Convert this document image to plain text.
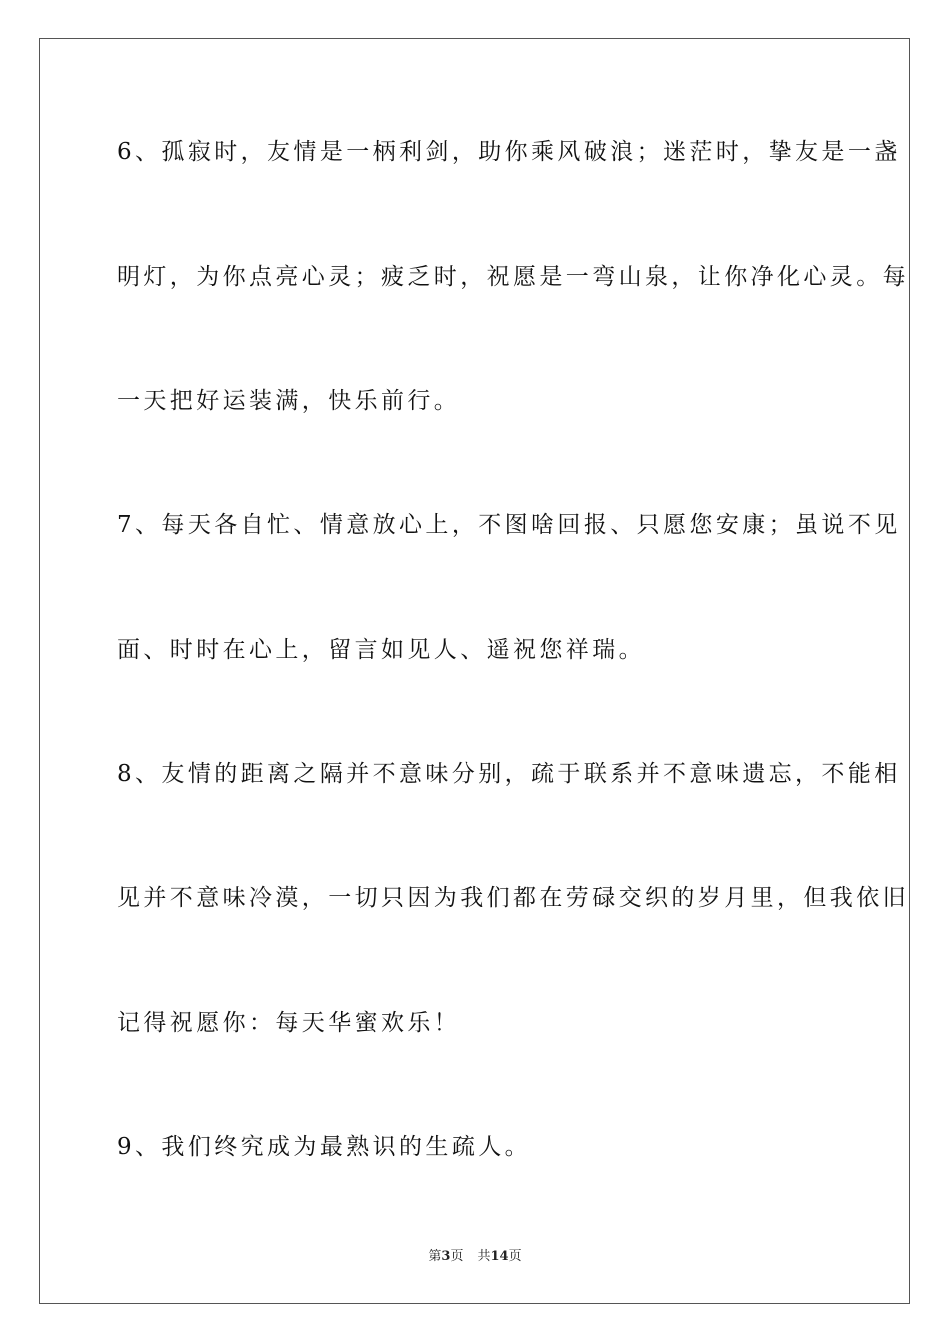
6、孤寂时，友情是一柄利剑，助你乘风破浪；迷茫时，挚友是一盏
明灯，为你点亮心灵；疲乏时，祝愿是一弯山泉，让你净化心灵。每
一天把好运装满，快乐前行。
7、每天各自忙、情意放心上，不图啥回报、只愿您安康；虽说不见
面、时时在心上，留言如见人、遥祝您祥瑞。
8、友情的距离之隔并不意味分别，疏于联系并不意味遗忘，不能相
见并不意味冷漠，一切只因为我们都在劳碌交织的岁月里，但我依旧
记得祝愿你：每天华蜜欢乐！
9、我们终究成为最熟识的生疏人。
第3页 共14页
